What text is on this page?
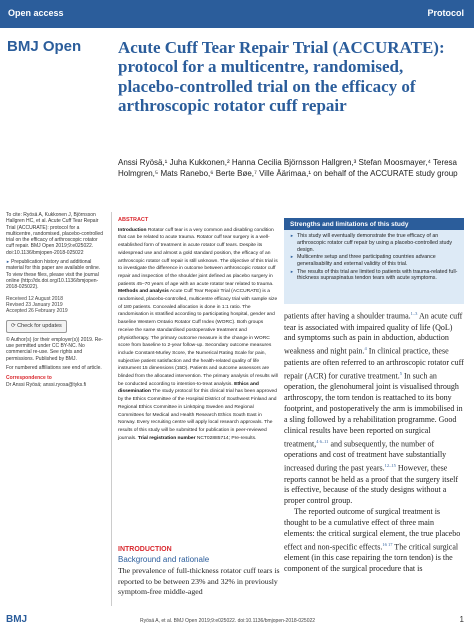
Open access	Protocol
BMJ Open Acute Cuff Tear Repair Trial (ACCURATE): protocol for a multicentre, randomised, placebo-controlled trial on the efficacy of arthroscopic rotator cuff repair
Anssi Ryösä,¹ Juha Kukkonen,² Hanna Cecilia Björnsson Hallgren,³ Stefan Moosmayer,⁴ Teresa Holmgren,⁵ Mats Ranebo,⁶ Berte Bøe,⁷ Ville Äärimaa,¹ on behalf of the ACCURATE study group

To cite: Ryösä A, Kukkonen J, Björnsson Hallgren HC, et al. Acute Cuff Tear Repair Trial (ACCURATE): protocol for a multicentre, randomised, placebo-controlled trial on the efficacy of arthroscopic rotator cuff repair. BMJ Open 2019;9:e025022. doi:10.1136/bmjopen-2018-025022

► Prepublication history and additional material for this paper are available online. To view these files, please visit the journal online (http://dx.doi.org/10.1136/bmjopen-2018-025022).

Received 12 August 2018
Revised 23 January 2019
Accepted 26 February 2019
⟳ Check for updates

© Author(s) (or their employer(s)) 2019. Re-use permitted under CC BY-NC. No commercial re-use. See rights and permissions. Published by BMJ.

For numbered affiliations see end of article.

Correspondence to

Dr Anssi Ryösä; anssi.ryosa@tyks.fi

ABSTRACT

Introduction Rotator cuff tear is a very common and disabling condition that can be related to acute trauma. Rotator cuff tear surgery is a well-established form of treatment in acute rotator cuff tears. Despite its widespread use and almost a gold standard position, the efficacy of an arthroscopic rotator cuff repair is still unknown. The objective of this trial is to investigate the difference in outcome between arthroscopic rotator cuff repair and inspection of the shoulder joint defined as placebo surgery in patients 45–70 years of age with an acute rotator tear related to trauma. Methods and analysis Acute Cuff Tear Repair Trial (ACCURATE) is a randomised, placebo-controlled, multicentre efficacy trial with sample size of 180 patients. Concealed allocation is done in 1:1 ratio. The randomisation is stratified according to participating hospital, gender and baseline Western Ontario Rotator Cuff Index (WORC). Both groups receive the same standardised postoperative treatment and physiotherapy. The primary outcome measure is the change in WORC score from baseline to 2-year follow-up. Secondary outcome measures include Constant-Murley Score, the Numerical Rating Scale for pain, subjective patient satisfaction and the health-related quality of life instrument 15 dimensions (15D). Patients and outcome assessors are blinded from the allocated intervention. The primary analysis of results will be conducted according to intention-to-treat analysis. Ethics and dissemination The study protocol for this clinical trial has been approved by the Ethics Committee of the Hospital District of Southwest Finland and Regional Ethics Committee in Linköping Sweden and Regional Committees for Medical and Health Research Ethics South East in Norway. Every recruiting centre will apply local research approvals. The results of this study will be submitted for publication in peer-reviewed journals. Trial registration number NCT02885714; Pre-results.

INTRODUCTION
Background and rationale
The prevalence of full-thickness rotator cuff tears is reported to be between 23% and 32% in previously symptom-free middle-aged
Strengths and limitations of this study
► This study will eventually demonstrate the true efficacy of an arthroscopic rotator cuff repair by using a placebo-controlled study design.
► Multicentre setup and three participating countries advance generalisability and external validity of this trial.
► The results of this trial are limited to patients with trauma-related full-thickness supraspinatus tendon tears with acute symptoms.

patients after having a shoulder trauma.$^{1-3}$ An acute cuff tear is associated with impaired quality of life (QoL) and symptoms such as pain in abduction, abduction weakness and night pain.$^4$ In clinical practice, these patients are often referred to an arthroscopic rotator cuff repair (ACR) for curative treatment.$^5$ In such an operation, the glenohumeral joint is visualised through arthroscopy, the torn tendon is reattached to its bony footprint, and postoperatively the arm is immobilised in a sling followed by a rehabilitation programme. Good clinical results have been reported on surgical treatment,$^{4 6-11}$ and subsequently, the number of operations and cost of treatment have substantially increased during the past years.$^{12-15}$ However, these reports cannot be held as a proof that the surgery itself is effective, because of the study designs without a proper control group.

The reported outcome of surgical treatment is thought to be a cumulative effect of three main elements: the critical surgical element, the true placebo effect and non-specific effects.$^{16 17}$ The critical surgical element (in this case repairing the torn tendon) is the component of the surgical procedure that is

BMJ	Ryösä A, et al. BMJ Open 2019;9:e025022. doi:10.1136/bmjopen-2018-025022	1
